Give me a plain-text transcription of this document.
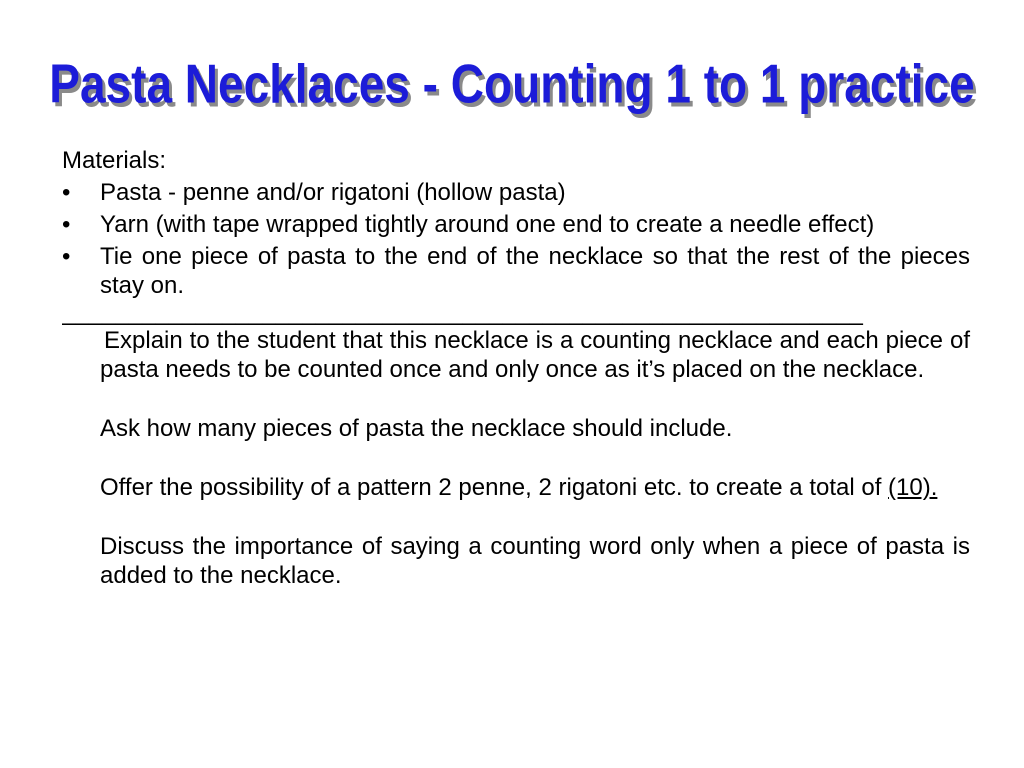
Pasta Necklaces - Counting 1 to 1 practice

Materials:

•	Pasta - penne and/or rigatoni (hollow pasta)
•	Yarn (with tape wrapped tightly around one end to create a needle effect)
•	Tie one piece of pasta to the end of the necklace so that the rest of the pieces stay on.
____________________________________________________________

Explain to the student that this necklace is a counting necklace and each piece of pasta needs to be counted once and only once as it’s placed on the necklace.

Ask how many pieces of pasta the necklace should include.

Offer the possibility of a pattern 2 penne, 2 rigatoni etc. to create a total of (10).

Discuss the importance of saying a counting word only when a piece of pasta is added to the necklace.
